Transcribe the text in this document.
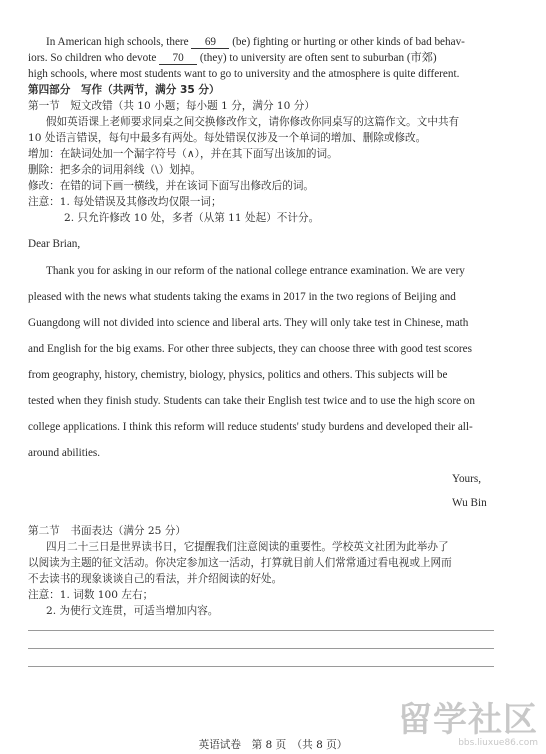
In American high schools, there 69 (be) fighting or hurting or other kinds of bad behav-
iors. So children who devote 70 (they) to university are often sent to suburban (市郊)
high schools, where most students want to go to university and the atmosphere is quite different.
第四部分　写作（共两节，满分 35 分）
第一节　短文改错（共 10 小题；每小题 1 分，满分 10 分）
假如英语课上老师要求同桌之间交换修改作文，请你修改你同桌写的这篇作文。文中共有
10 处语言错误，每句中最多有两处。每处错误仅涉及一个单词的增加、删除或修改。
增加：在缺词处加一个漏字符号（∧），并在其下面写出该加的词。
删除：把多余的词用斜线（\）划掉。
修改：在错的词下画一横线，并在该词下面写出修改后的词。
注意：1. 每处错误及其修改均仅限一词；
2. 只允许修改 10 处，多者（从第 11 处起）不计分。
Dear Brian,
Thank you for asking in our reform of the national college entrance examination. We are very
pleased with the news what students taking the exams in 2017 in the two regions of Beijing and
Guangdong will not divided into science and liberal arts. They will only take test in Chinese, math
and English for the big exams. For other three subjects, they can choose three with good test scores
from geography, history, chemistry, biology, physics, politics and others. This subjects will be
tested when they finish study. Students can take their English test twice and to use the high score on
college applications. I think this reform will reduce students' study burdens and developed their all-
around abilities.
Yours,
Wu Bin
第二节　书面表达（满分 25 分）
四月二十三日是世界读书日，它提醒我们注意阅读的重要性。学校英文社团为此举办了
以阅读为主题的征文活动。你决定参加这一活动，打算就目前人们常常通过看电视或上网而
不去读书的现象谈谈自己的看法，并介绍阅读的好处。
注意：1. 词数 100 左右；
2. 为使行文连贯，可适当增加内容。
英语试卷　第 8 页　（共 8 页）
留学社区
bbs.liuxue86.com
